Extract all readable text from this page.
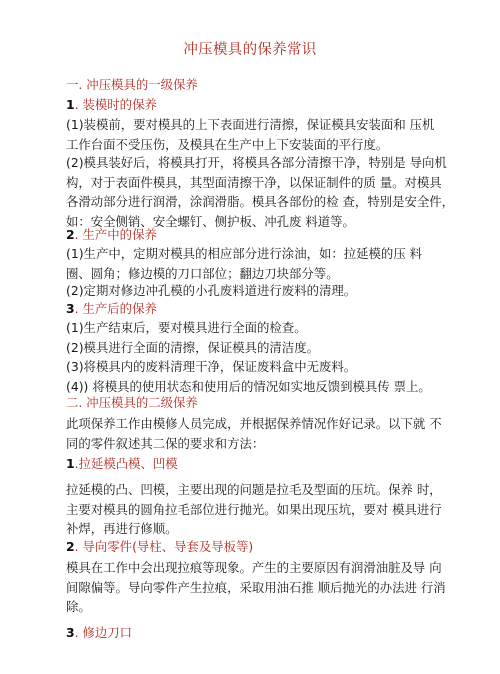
冲压模具的保养常识
一. 冲压模具的一级保养
1. 装模时的保养
(1)装模前，要对模具的上下表面进行清擦，保证模具安装面和 压机
工作台面不受压伤，及模具在生产中上下安装面的平行度。
(2)模具装好后，将模具打开，将模具各部分清擦干净，特别是 导向机
构，对于表面件模具，其型面清擦干净，以保证制件的质 量。对模具
各滑动部分进行润滑，涂润滑脂。模具各部份的检 查，特别是安全件，
如：安全侧销、安全螺钉、侧护板、冲孔废 料道等。
2. 生产中的保养
(1)生产中，定期对模具的相应部分进行涂油，如：拉延模的压 料
圈、圆角；修边模的刀口部位；翻边刀块部分等。
(2)定期对修边冲孔模的小孔废料道进行废料的清理。
3. 生产后的保养
(1)生产结束后，要对模具进行全面的检查。
(2)模具进行全面的清擦，保证模具的清洁度。
(3)将模具内的废料清理干净，保证废料盒中无废料。
(4)) 将模具的使用状态和使用后的情况如实地反馈到模具传 票上。
二. 冲压模具的二级保养
此项保养工作由模修人员完成，并根据保养情况作好记录。以下就 不
同的零件叙述其二保的要求和方法：
1.拉延模凸模、凹模
拉延模的凸、凹模，主要出现的问题是拉毛及型面的压坑。保养 时，
主要对模具的圆角拉毛部位进行抛光。如果出现压坑，要对 模具进行
补焊，再进行修顺。
2. 导向零件(导柱、导套及导板等)
模具在工作中会出现拉痕等现象。产生的主要原因有润滑油脏及导 向
间隙偏等。导向零件产生拉痕，采取用油石推 顺后抛光的办法进 行消
除。
3. 修边刀口
